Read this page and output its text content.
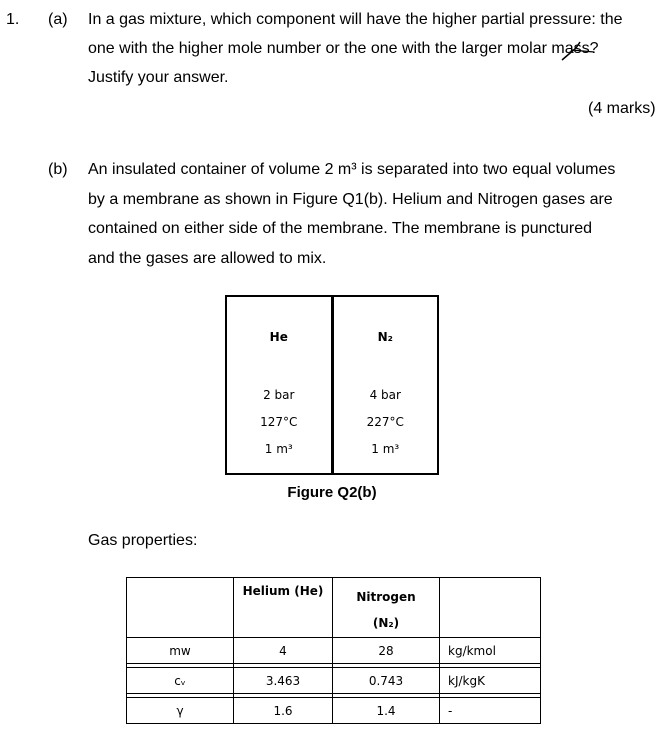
1. (a) In a gas mixture, which component will have the higher partial pressure: the
one with the higher mole number or the one with the larger molar mass?
Justify your answer.
(4 marks)
(b) An insulated container of volume 2 m³ is separated into two equal volumes
by a membrane as shown in Figure Q1(b). Helium and Nitrogen gases are
contained on either side of the membrane. The membrane is punctured
and the gases are allowed to mix.
He
2 bar
127°C
1 m³
N₂
4 bar
227°C
1 m³
Figure Q2(b)
Gas properties:
	Helium (He)	Nitrogen
(N₂)	

mw	4	28	kg/kmol

cᵥ	3.463	0.743	kJ/kgK

γ	1.6	1.4	-
